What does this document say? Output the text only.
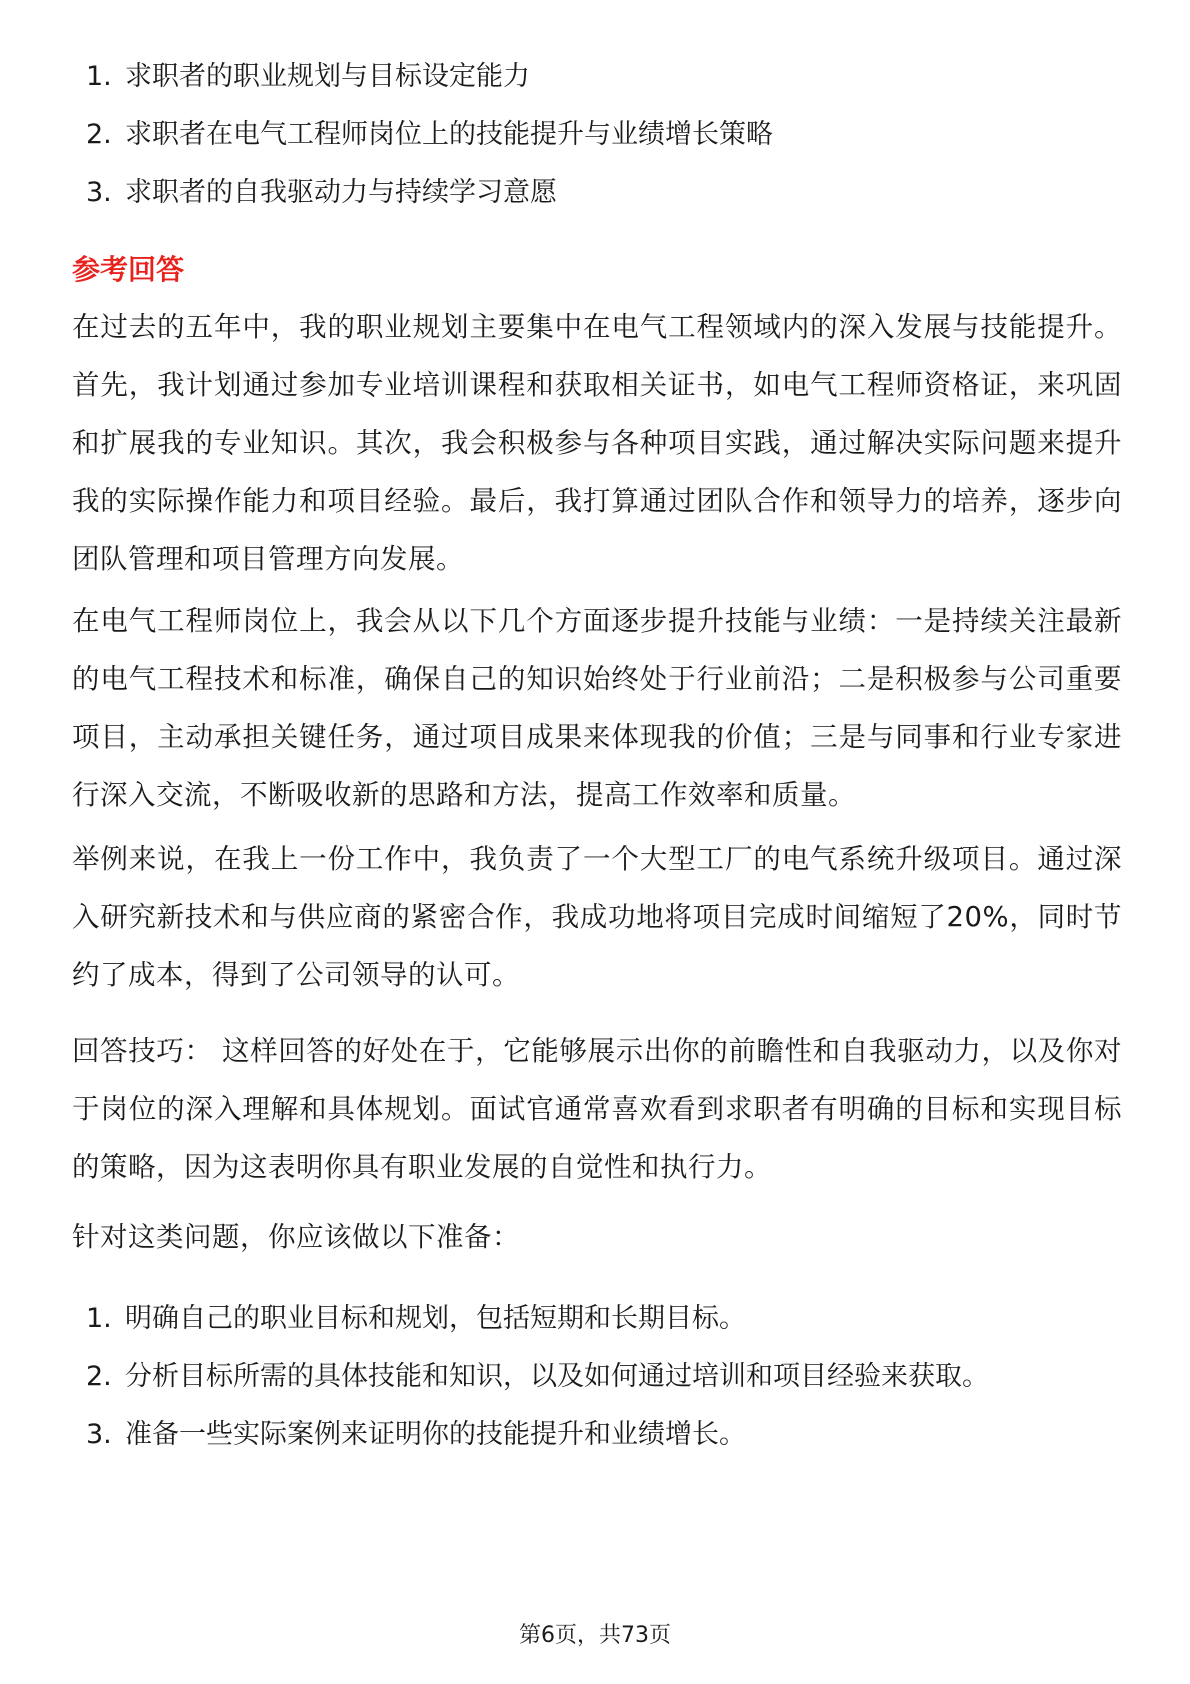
1. 求职者的职业规划与目标设定能力
2. 求职者在电气工程师岗位上的技能提升与业绩增长策略
3. 求职者的自我驱动力与持续学习意愿
参考回答

在过去的五年中，我的职业规划主要集中在电气工程领域内的深入发展与技能提升。首先，我计划通过参加专业培训课程和获取相关证书，如电气工程师资格证，来巩固和扩展我的专业知识。其次，我会积极参与各种项目实践，通过解决实际问题来提升我的实际操作能力和项目经验。最后，我打算通过团队合作和领导力的培养，逐步向团队管理和项目管理方向发展。

在电气工程师岗位上，我会从以下几个方面逐步提升技能与业绩：一是持续关注最新的电气工程技术和标准，确保自己的知识始终处于行业前沿；二是积极参与公司重要项目，主动承担关键任务，通过项目成果来体现我的价值；三是与同事和行业专家进行深入交流，不断吸收新的思路和方法，提高工作效率和质量。

举例来说，在我上一份工作中，我负责了一个大型工厂的电气系统升级项目。通过深入研究新技术和与供应商的紧密合作，我成功地将项目完成时间缩短了20%，同时节约了成本，得到了公司领导的认可。

回答技巧： 这样回答的好处在于，它能够展示出你的前瞻性和自我驱动力，以及你对于岗位的深入理解和具体规划。面试官通常喜欢看到求职者有明确的目标和实现目标的策略，因为这表明你具有职业发展的自觉性和执行力。

针对这类问题，你应该做以下准备：

1. 明确自己的职业目标和规划，包括短期和长期目标。
2. 分析目标所需的具体技能和知识，以及如何通过培训和项目经验来获取。
3. 准备一些实际案例来证明你的技能提升和业绩增长。
第6页，共73页
